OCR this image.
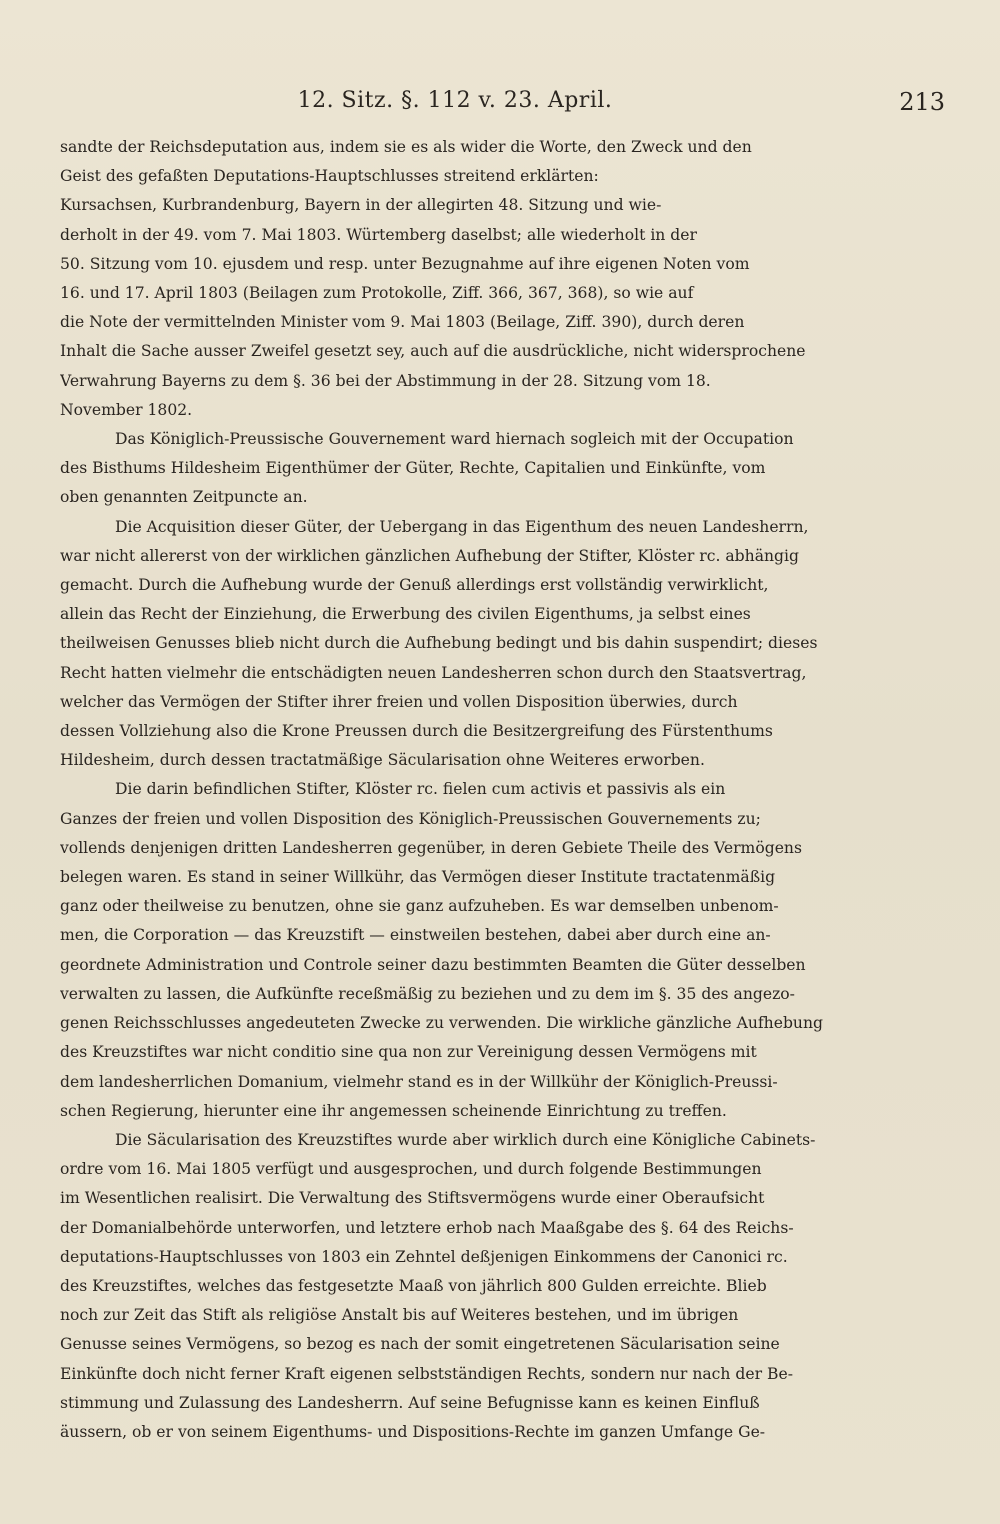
12. Sitz. §. 112 v. 23. April.	213

sandte der Reichsdeputation aus, indem sie es als wider die Worte, den Zweck und den
Geist des gefaßten Deputations-Hauptschlusses streitend erklärten:
Kursachsen, Kurbrandenburg, Bayern in der allegirten 48. Sitzung und wie-
derholt in der 49. vom 7. Mai 1803. Würtemberg daselbst; alle wiederholt in der
50. Sitzung vom 10. ejusdem und resp. unter Bezugnahme auf ihre eigenen Noten vom
16. und 17. April 1803 (Beilagen zum Protokolle, Ziff. 366, 367, 368), so wie auf
die Note der vermittelnden Minister vom 9. Mai 1803 (Beilage, Ziff. 390), durch deren
Inhalt die Sache ausser Zweifel gesetzt sey, auch auf die ausdrückliche, nicht widersprochene
Verwahrung Bayerns zu dem §. 36 bei der Abstimmung in der 28. Sitzung vom 18.
November 1802.

Das Königlich-Preussische Gouvernement ward hiernach sogleich mit der Occupation
des Bisthums Hildesheim Eigenthümer der Güter, Rechte, Capitalien und Einkünfte, vom
oben genannten Zeitpuncte an.

Die Acquisition dieser Güter, der Uebergang in das Eigenthum des neuen Landesherrn,
war nicht allererst von der wirklichen gänzlichen Aufhebung der Stifter, Klöster rc. abhängig
gemacht. Durch die Aufhebung wurde der Genuß allerdings erst vollständig verwirklicht,
allein das Recht der Einziehung, die Erwerbung des civilen Eigenthums, ja selbst eines
theilweisen Genusses blieb nicht durch die Aufhebung bedingt und bis dahin suspendirt; dieses
Recht hatten vielmehr die entschädigten neuen Landesherren schon durch den Staatsvertrag,
welcher das Vermögen der Stifter ihrer freien und vollen Disposition überwies, durch
dessen Vollziehung also die Krone Preussen durch die Besitzergreifung des Fürstenthums
Hildesheim, durch dessen tractatmäßige Säcularisation ohne Weiteres erworben.

Die darin befindlichen Stifter, Klöster rc. fielen cum activis et passivis als ein
Ganzes der freien und vollen Disposition des Königlich-Preussischen Gouvernements zu;
vollends denjenigen dritten Landesherren gegenüber, in deren Gebiete Theile des Vermögens
belegen waren. Es stand in seiner Willkühr, das Vermögen dieser Institute tractatenmäßig
ganz oder theilweise zu benutzen, ohne sie ganz aufzuheben. Es war demselben unbenom-
men, die Corporation — das Kreuzstift — einstweilen bestehen, dabei aber durch eine an-
geordnete Administration und Controle seiner dazu bestimmten Beamten die Güter desselben
verwalten zu lassen, die Aufkünfte receßmäßig zu beziehen und zu dem im §. 35 des angezo-
genen Reichsschlusses angedeuteten Zwecke zu verwenden. Die wirkliche gänzliche Aufhebung
des Kreuzstiftes war nicht conditio sine qua non zur Vereinigung dessen Vermögens mit
dem landesherrlichen Domanium, vielmehr stand es in der Willkühr der Königlich-Preussi-
schen Regierung, hierunter eine ihr angemessen scheinende Einrichtung zu treffen.

Die Säcularisation des Kreuzstiftes wurde aber wirklich durch eine Königliche Cabinets-
ordre vom 16. Mai 1805 verfügt und ausgesprochen, und durch folgende Bestimmungen
im Wesentlichen realisirt. Die Verwaltung des Stiftsvermögens wurde einer Oberaufsicht
der Domanialbehörde unterworfen, und letztere erhob nach Maaßgabe des §. 64 des Reichs-
deputations-Hauptschlusses von 1803 ein Zehntel deßjenigen Einkommens der Canonici rc.
des Kreuzstiftes, welches das festgesetzte Maaß von jährlich 800 Gulden erreichte. Blieb
noch zur Zeit das Stift als religiöse Anstalt bis auf Weiteres bestehen, und im übrigen
Genusse seines Vermögens, so bezog es nach der somit eingetretenen Säcularisation seine
Einkünfte doch nicht ferner Kraft eigenen selbstständigen Rechts, sondern nur nach der Be-
stimmung und Zulassung des Landesherrn. Auf seine Befugnisse kann es keinen Einfluß
äussern, ob er von seinem Eigenthums- und Dispositions-Rechte im ganzen Umfange Ge-
